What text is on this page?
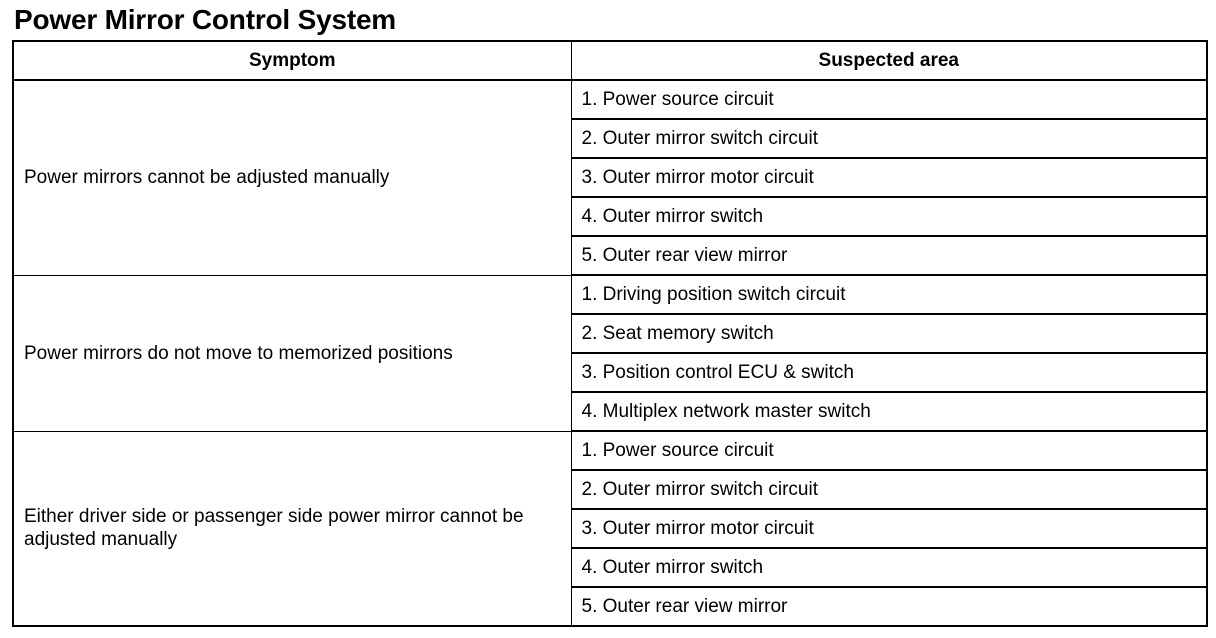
Power Mirror Control System
Symptom	Suspected area
Power mirrors cannot be adjusted manually	1. Power source circuit
	2. Outer mirror switch circuit
	3. Outer mirror motor circuit
	4. Outer mirror switch
	5. Outer rear view mirror
Power mirrors do not move to memorized positions	1. Driving position switch circuit
	2. Seat memory switch
	3. Position control ECU & switch
	4. Multiplex network master switch
Either driver side or passenger side power mirror cannot be adjusted manually	1. Power source circuit
	2. Outer mirror switch circuit
	3. Outer mirror motor circuit
	4. Outer mirror switch
	5. Outer rear view mirror
